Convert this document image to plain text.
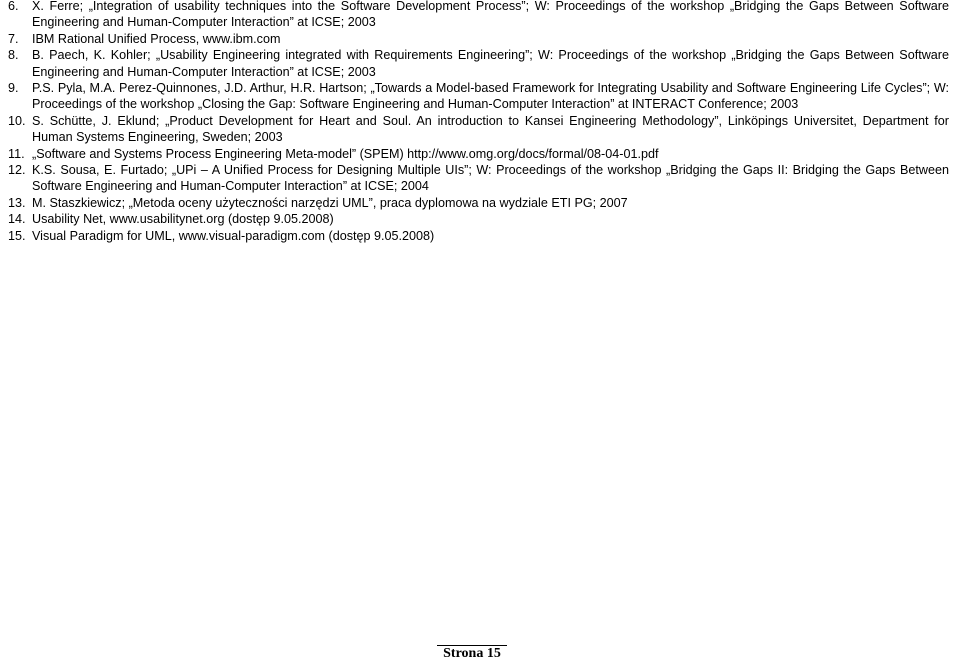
6.	X. Ferre; „Integration of usability techniques into the Software Development Process”; W: Proceedings of the workshop „Bridging the Gaps Between Software Engineering and Human-Computer Interaction” at ICSE; 2003
7.	IBM Rational Unified Process, www.ibm.com
8.	B. Paech, K. Kohler; „Usability Engineering integrated with Requirements Engineering”; W: Proceedings of the workshop „Bridging the Gaps Between Software Engineering and Human-Computer Interaction” at ICSE; 2003
9.	P.S. Pyla, M.A. Perez-Quinnones, J.D. Arthur, H.R. Hartson; „Towards a Model-based Framework for Integrating Usability and Software Engineering Life Cycles”; W: Proceedings of the workshop „Closing the Gap: Software Engineering and Human-Computer Interaction” at INTERACT Conference; 2003
10. S. Schütte, J. Eklund; „Product Development for Heart and Soul. An introduction to Kansei Engineering Methodology”, Linköpings Universitet, Department for Human Systems Engineering, Sweden; 2003
11. „Software and Systems Process Engineering Meta-model” (SPEM) http://www.omg.org/docs/formal/08-04-01.pdf
12. K.S. Sousa, E. Furtado; „UPi – A Unified Process for Designing Multiple UIs”; W: Proceedings of the workshop „Bridging the Gaps II: Bridging the Gaps Between Software Engineering and Human-Computer Interaction” at ICSE; 2004
13. M. Staszkiewicz; „Metoda oceny użyteczności narzędzi UML”, praca dyplomowa na wydziale ETI PG; 2007
14. Usability Net, www.usabilitynet.org (dostęp 9.05.2008)
15. Visual Paradigm for UML, www.visual-paradigm.com (dostęp 9.05.2008)
Strona 15
